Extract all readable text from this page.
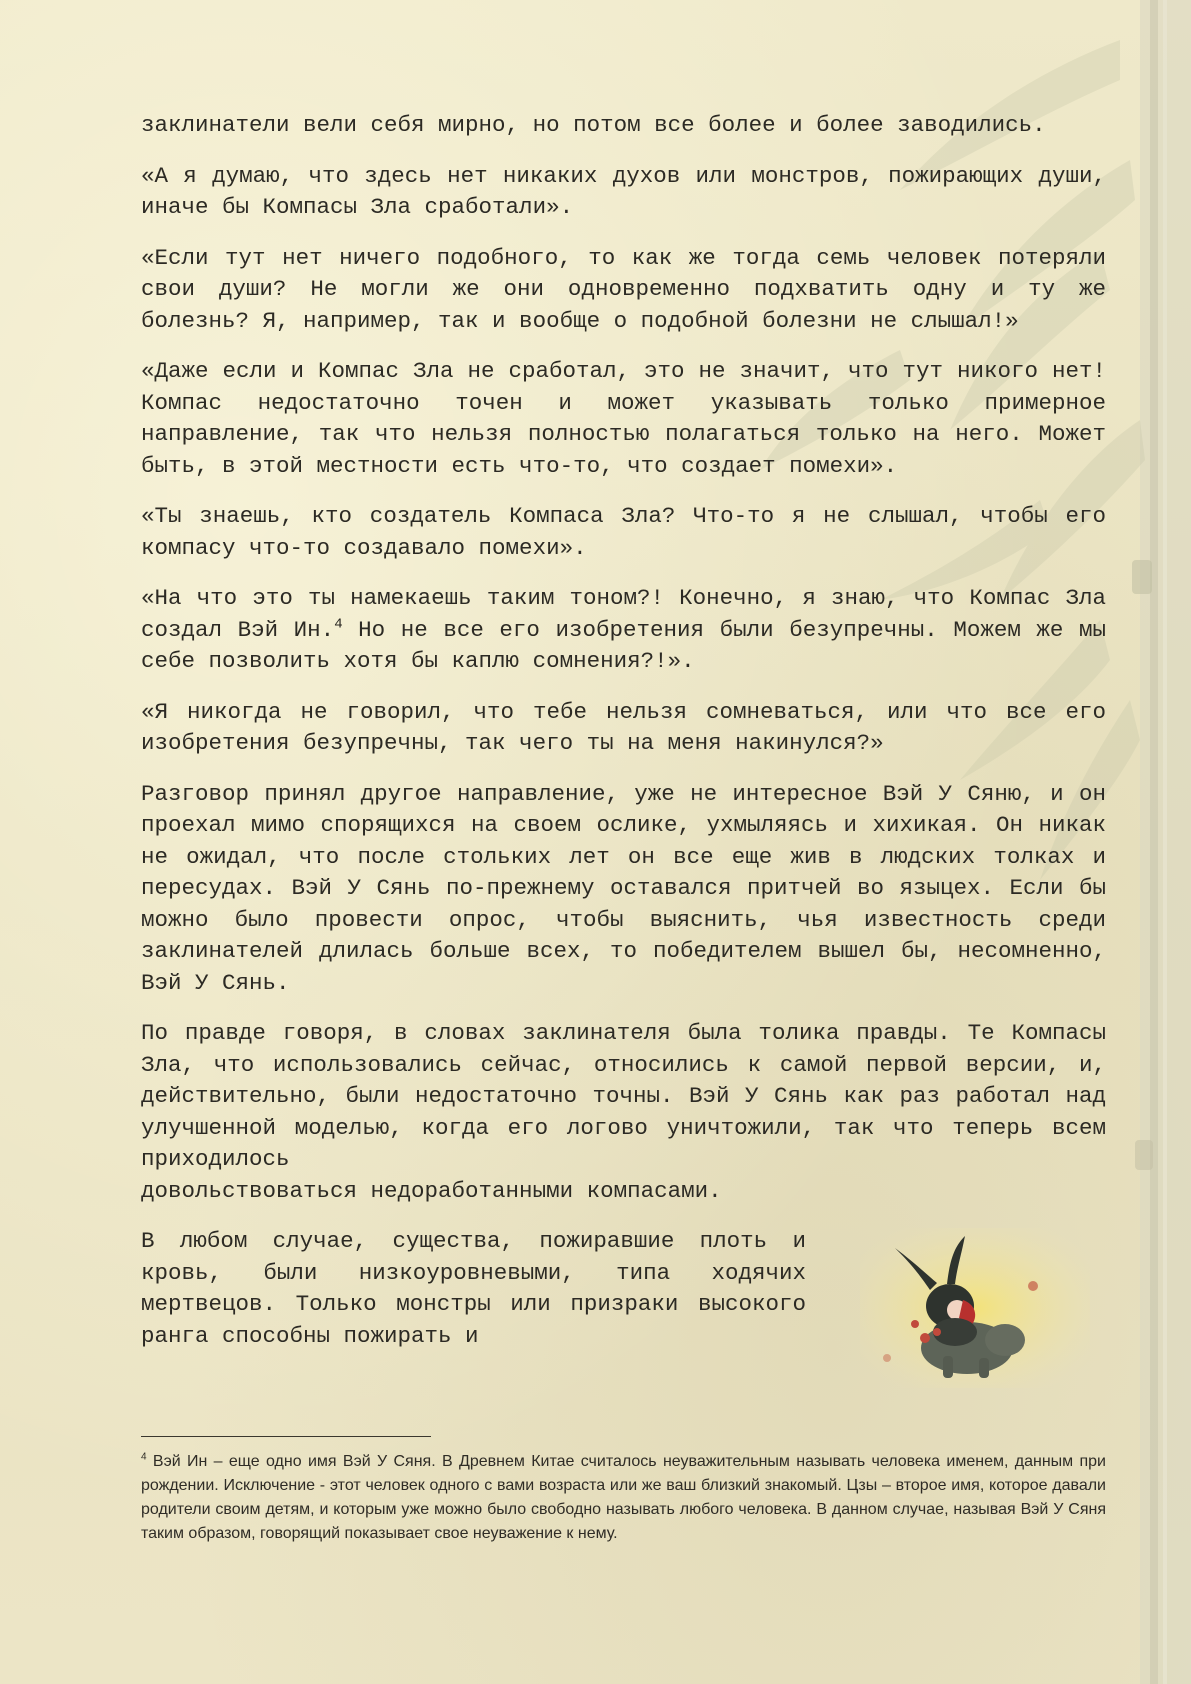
заклинатели вели себя мирно, но потом все более и более заводились.

«А я думаю, что здесь нет никаких духов или монстров, пожирающих души, иначе бы Компасы Зла сработали».

«Если тут нет ничего подобного, то как же тогда семь человек потеряли свои души? Не могли же они одновременно подхватить одну и ту же болезнь? Я, например, так и вообще о подобной болезни не слышал!»

«Даже если и Компас Зла не сработал, это не значит, что тут никого нет! Компас недостаточно точен и может указывать только примерное направление, так что нельзя полностью полагаться только на него. Может быть, в этой местности есть что-то, что создает помехи».

«Ты знаешь, кто создатель Компаса Зла? Что-то я не слышал, чтобы его компасу что-то создавало помехи».

«На что это ты намекаешь таким тоном?! Конечно, я знаю, что Компас Зла создал Вэй Ин.$^4$ Но не все его изобретения были безупречны. Можем же мы себе позволить хотя бы каплю сомнения?!».

«Я никогда не говорил, что тебе нельзя сомневаться, или что все его изобретения безупречны, так чего ты на меня накинулся?»

Разговор принял другое направление, уже не интересное Вэй У Сяню, и он проехал мимо спорящихся на своем ослике, ухмыляясь и хихикая. Он никак не ожидал, что после стольких лет он все еще жив в людских толках и пересудах. Вэй У Сянь по-прежнему оставался притчей во языцех. Если бы можно было провести опрос, чтобы выяснить, чья известность среди заклинателей длилась больше всех, то победителем вышел бы, несомненно, Вэй У Сянь.

По правде говоря, в словах заклинателя была толика правды. Те Компасы Зла, что использовались сейчас, относились к самой первой версии, и, действительно, были недостаточно точны. Вэй У Сянь как раз работал над улучшенной моделью, когда его логово уничтожили, так что теперь всем приходилось
довольствоваться недоработанными компасами.

В любом случае, существа, пожиравшие плоть и кровь, были низкоуровневыми, типа ходячих мертвецов. Только монстры или призраки высокого ранга способны пожирать и

$^4$ Вэй Ин – еще одно имя Вэй У Сяня. В Древнем Китае считалось неуважительным называть человека именем, данным при рождении. Исключение - этот человек одного с вами возраста или же ваш близкий знакомый. Цзы – второе имя, которое давали родители своим детям, и которым уже можно было свободно называть любого человека. В данном случае, называя Вэй У Сяня таким образом, говорящий показывает свое неуважение к нему.
